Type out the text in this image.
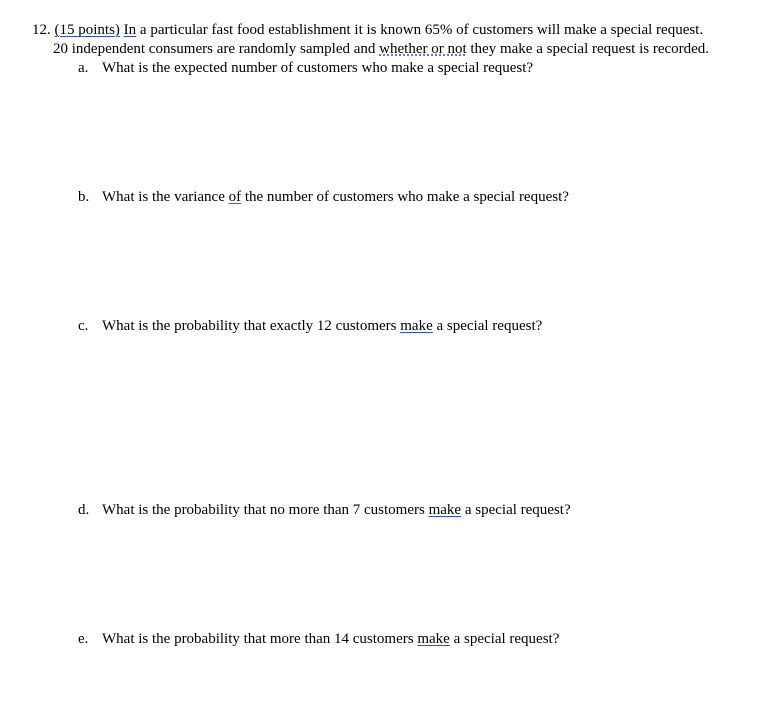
12. (15 points) In a particular fast food establishment it is known 65% of customers will make a special request.
20 independent consumers are randomly sampled and whether or not they make a special request is recorded.
a. What is the expected number of customers who make a special request?
b. What is the variance of the number of customers who make a special request?
c. What is the probability that exactly 12 customers make a special request?
d. What is the probability that no more than 7 customers make a special request?
e. What is the probability that more than 14 customers make a special request?
